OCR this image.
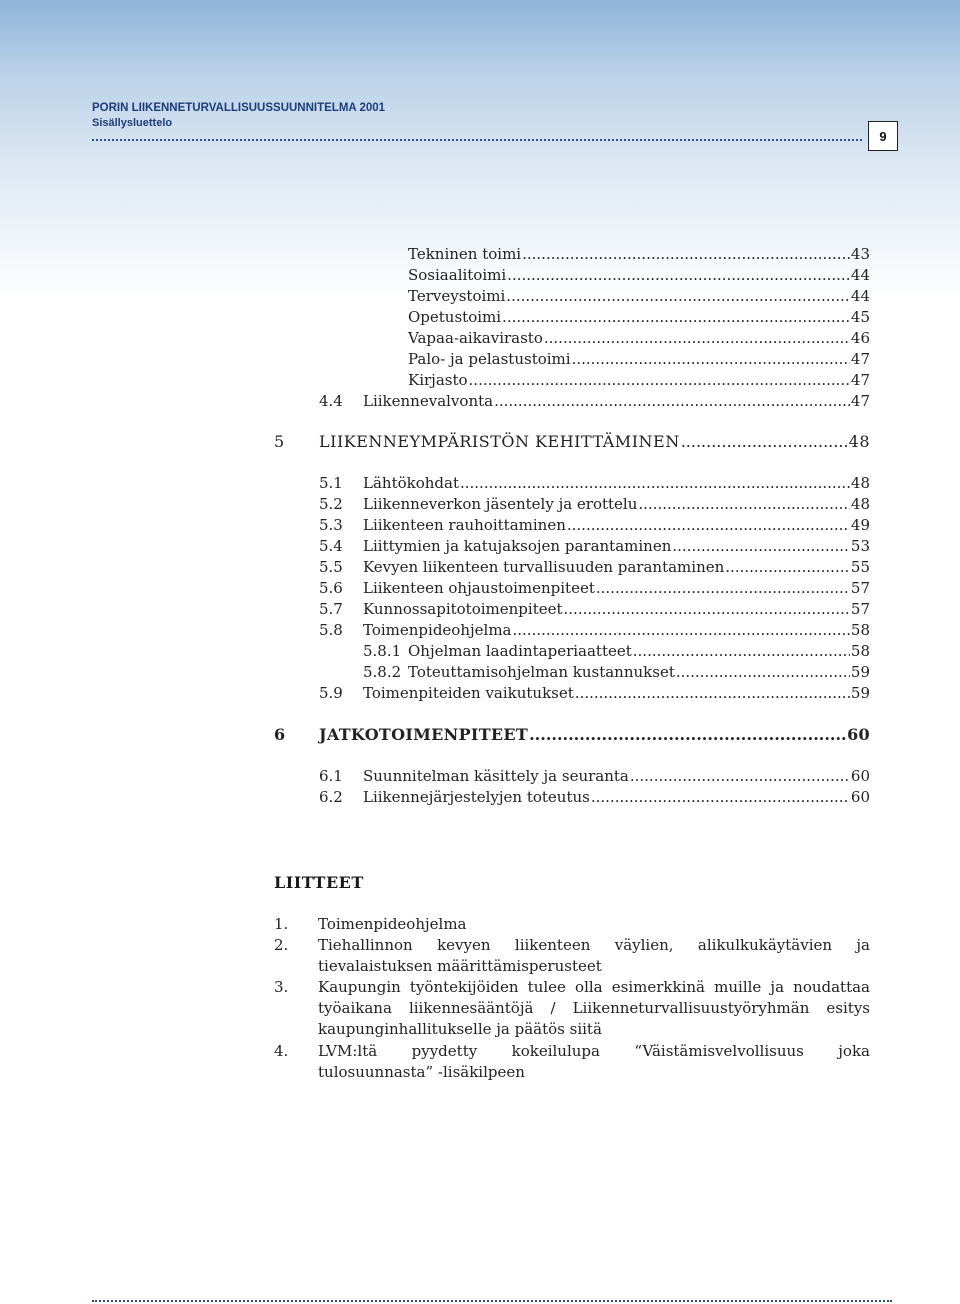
PORIN LIIKENNETURVALLISUUSSUUNNITELMA 2001
Sisällysluettelo
9
Tekninen toimi .....	43
Sosiaalitoimi .....	44
Terveystoimi .....	44
Opetustoimi .....	45
Vapaa-aikavirasto .....	46
Palo- ja pelastustoimi .....	47
Kirjasto .....	47
4.4	Liikennevalvonta .....	47
5	LIIKENNEYMPÄRISTÖN KEHITTÄMINEN .....	48
5.1	Lähtökohdat .....	48
5.2	Liikenneverkon jäsentely ja erottelu .....	48
5.3	Liikenteen rauhoittaminen .....	49
5.4	Liittymien ja katujaksojen parantaminen .....	53
5.5	Kevyen liikenteen turvallisuuden parantaminen .....	55
5.6	Liikenteen ohjaustoimenpiteet .....	57
5.7	Kunnossapitotoimenpiteet .....	57
5.8	Toimenpideohjelma .....	58
5.8.1 Ohjelman laadintaperiaatteet .....	58
5.8.2 Toteuttamisohjelman kustannukset .....	59
5.9	Toimenpiteiden vaikutukset .....	59
6	JATKOTOIMENPITEET .....	60
6.1	Suunnitelman käsittely ja seuranta .....	60
6.2	Liikennejärjestelyjen toteutus .....	60
LIITTEET
1. Toimenpideohjelma
2. Tiehallinnon kevyen liikenteen väylien, alikulkukäytävien ja tievalaistuksen määrittämisperusteet
3. Kaupungin työntekijöiden tulee olla esimerkkinä muille ja noudattaa työaikana liikennesääntöjä / Liikenneturvallisuustyöryhmän esitys kaupunginhallitukselle ja päätös siitä
4. LVM:ltä pyydetty kokeilulupa “Väistämisvelvollisuus joka tulosuunnasta” -lisäkilpeen
